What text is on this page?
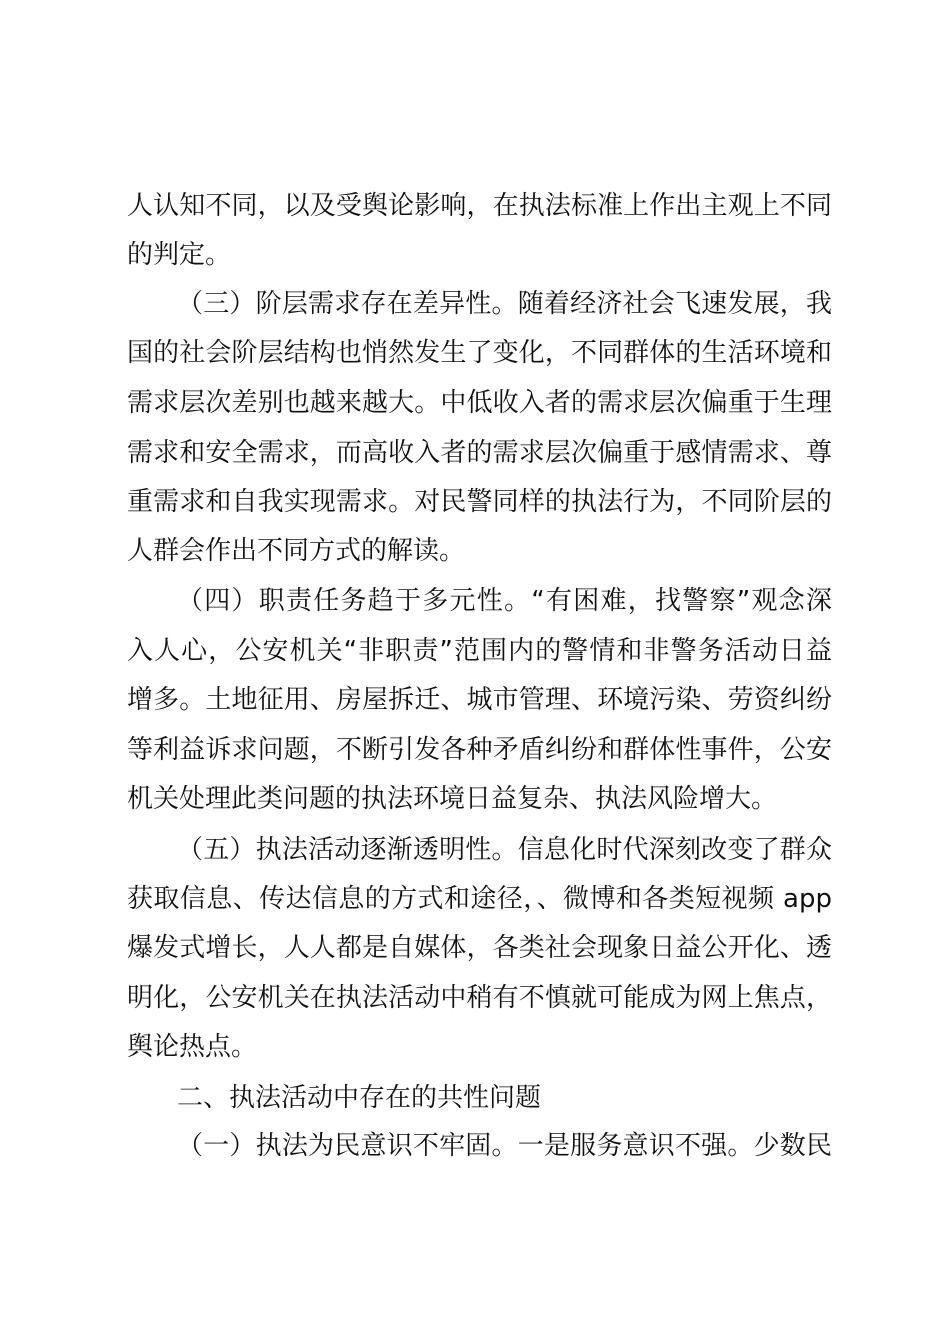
人认知不同，以及受舆论影响，在执法标准上作出主观上不同
的判定。
（三）阶层需求存在差异性。随着经济社会飞速发展，我
国的社会阶层结构也悄然发生了变化，不同群体的生活环境和
需求层次差别也越来越大。中低收入者的需求层次偏重于生理
需求和安全需求，而高收入者的需求层次偏重于感情需求、尊
重需求和自我实现需求。对民警同样的执法行为，不同阶层的
人群会作出不同方式的解读。
（四）职责任务趋于多元性。“有困难，找警察”观念深
入人心，公安机关“非职责”范围内的警情和非警务活动日益
增多。土地征用、房屋拆迁、城市管理、环境污染、劳资纠纷
等利益诉求问题，不断引发各种矛盾纠纷和群体性事件，公安
机关处理此类问题的执法环境日益复杂、执法风险增大。
（五）执法活动逐渐透明性。信息化时代深刻改变了群众
获取信息、传达信息的方式和途径，、微博和各类短视频 app
爆发式增长，人人都是自媒体，各类社会现象日益公开化、透
明化，公安机关在执法活动中稍有不慎就可能成为网上焦点，
舆论热点。
二、执法活动中存在的共性问题
（一）执法为民意识不牢固。一是服务意识不强。少数民
